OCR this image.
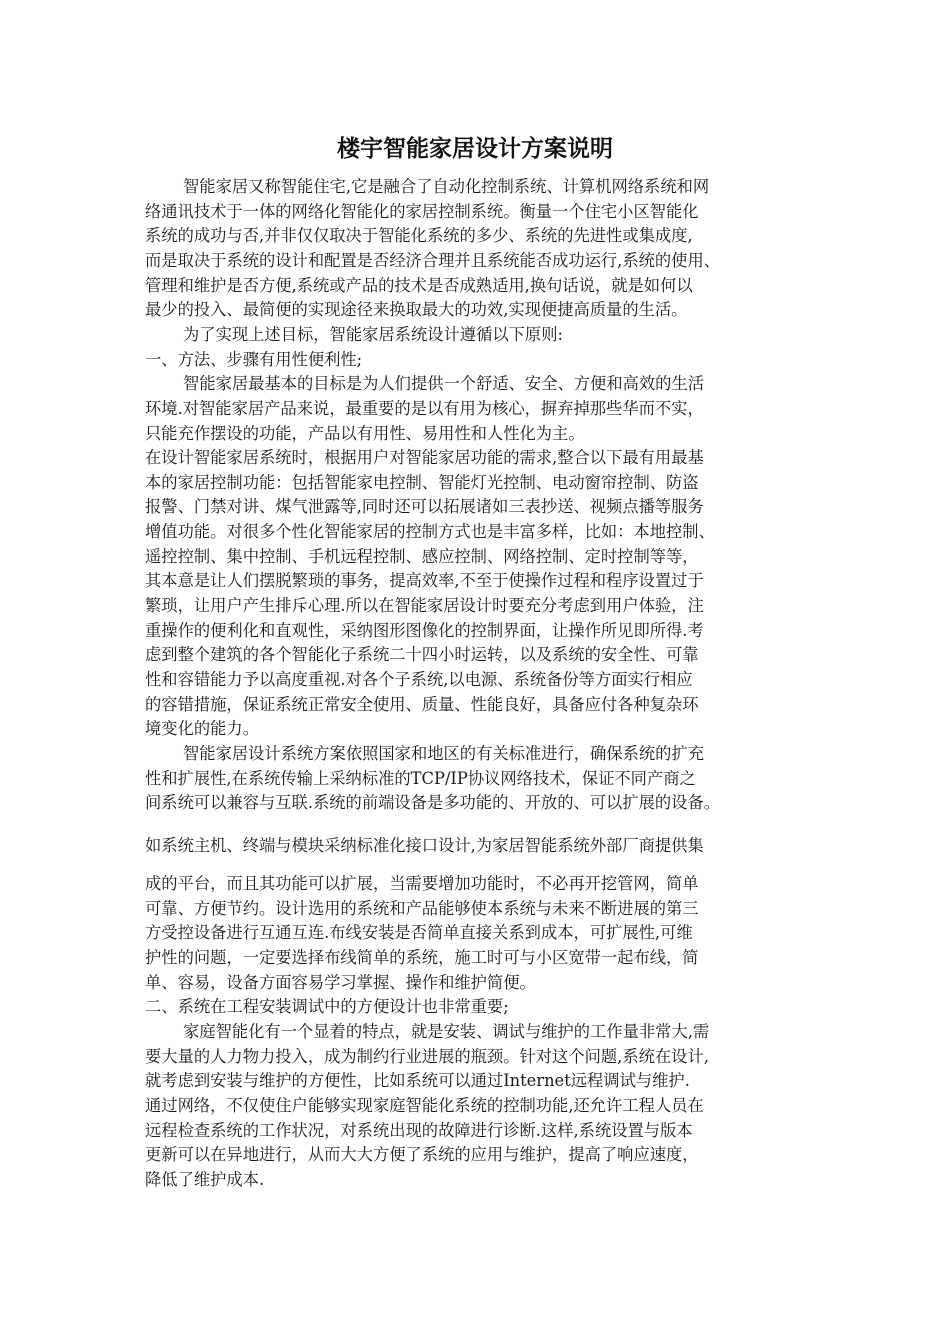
楼宇智能家居设计方案说明
智能家居又称智能住宅,它是融合了自动化控制系统、计算机网络系统和网
络通讯技术于一体的网络化智能化的家居控制系统。衡量一个住宅小区智能化
系统的成功与否,并非仅仅取决于智能化系统的多少、系统的先进性或集成度,
而是取决于系统的设计和配置是否经济合理并且系统能否成功运行,系统的使用、
管理和维护是否方便,系统或产品的技术是否成熟适用,换句话说，就是如何以
最少的投入、最简便的实现途径来换取最大的功效,实现便捷高质量的生活。
为了实现上述目标，智能家居系统设计遵循以下原则:
一、方法、步骤有用性便利性;
智能家居最基本的目标是为人们提供一个舒适、安全、方便和高效的生活
环境.对智能家居产品来说，最重要的是以有用为核心，摒弃掉那些华而不实，
只能充作摆设的功能，产品以有用性、易用性和人性化为主。
在设计智能家居系统时，根据用户对智能家居功能的需求,整合以下最有用最基
本的家居控制功能：包括智能家电控制、智能灯光控制、电动窗帘控制、防盗
报警、门禁对讲、煤气泄露等,同时还可以拓展诸如三表抄送、视频点播等服务
增值功能。对很多个性化智能家居的控制方式也是丰富多样，比如：本地控制、
遥控控制、集中控制、手机远程控制、感应控制、网络控制、定时控制等等，
其本意是让人们摆脱繁琐的事务，提高效率,不至于使操作过程和程序设置过于
繁琐，让用户产生排斥心理.所以在智能家居设计时要充分考虑到用户体验，注
重操作的便利化和直观性，采纳图形图像化的控制界面，让操作所见即所得.考
虑到整个建筑的各个智能化子系统二十四小时运转，以及系统的安全性、可靠
性和容错能力予以高度重视.对各个子系统,以电源、系统备份等方面实行相应
的容错措施，保证系统正常安全使用、质量、性能良好，具备应付各种复杂环
境变化的能力。
智能家居设计系统方案依照国家和地区的有关标准进行，确保系统的扩充
性和扩展性,在系统传输上采纳标准的TCP/IP协议网络技术，保证不同产商之
间系统可以兼容与互联.系统的前端设备是多功能的、开放的、可以扩展的设备。
如系统主机、终端与模块采纳标准化接口设计,为家居智能系统外部厂商提供集
成的平台，而且其功能可以扩展，当需要增加功能时，不必再开挖管网，简单
可靠、方便节约。设计选用的系统和产品能够使本系统与未来不断进展的第三
方受控设备进行互通互连.布线安装是否简单直接关系到成本，可扩展性,可维
护性的问题，一定要选择布线简单的系统，施工时可与小区宽带一起布线，简
单、容易，设备方面容易学习掌握、操作和维护简便。
二、系统在工程安装调试中的方便设计也非常重要;
家庭智能化有一个显着的特点，就是安装、调试与维护的工作量非常大,需
要大量的人力物力投入，成为制约行业进展的瓶颈。针对这个问题,系统在设计,
就考虑到安装与维护的方便性，比如系统可以通过Internet远程调试与维护.
通过网络，不仅使住户能够实现家庭智能化系统的控制功能,还允许工程人员在
远程检查系统的工作状况，对系统出现的故障进行诊断.这样,系统设置与版本
更新可以在异地进行，从而大大方便了系统的应用与维护，提高了响应速度，
降低了维护成本.
